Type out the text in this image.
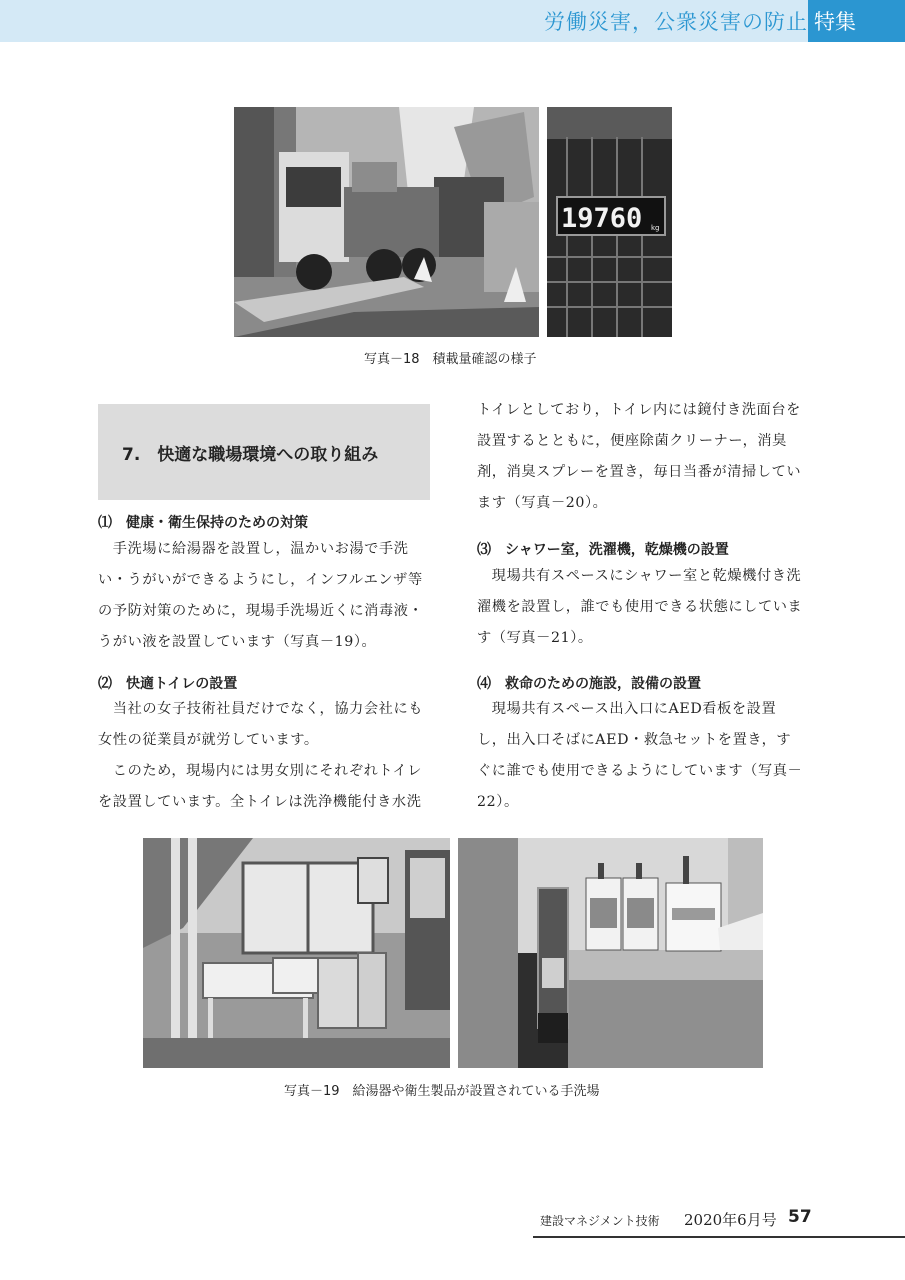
労働災害，公衆災害の防止 特集
19760 kg
写真－18　積載量確認の様子
7.　快適な職場環境への取り組み
⑴　健康・衛生保持のための対策
　手洗場に給湯器を設置し，温かいお湯で手洗
い・うがいができるようにし，インフルエンザ等
の予防対策のために，現場手洗場近くに消毒液・
うがい液を設置しています（写真－19）。
⑵　快適トイレの設置
　当社の女子技術社員だけでなく，協力会社にも
女性の従業員が就労しています。
　このため，現場内には男女別にそれぞれトイレ
を設置しています。全トイレは洗浄機能付き水洗
トイレとしており，トイレ内には鏡付き洗面台を
設置するとともに，便座除菌クリーナー，消臭
剤，消臭スプレーを置き，毎日当番が清掃してい
ます（写真－20）。
⑶　シャワー室，洗濯機，乾燥機の設置
　現場共有スペースにシャワー室と乾燥機付き洗
濯機を設置し，誰でも使用できる状態にしていま
す（写真－21）。
⑷　救命のための施設，設備の設置
　現場共有スペース出入口にAED看板を設置
し，出入口そばにAED・救急セットを置き，す
ぐに誰でも使用できるようにしています（写真－
22）。
写真－19　給湯器や衛生製品が設置されている手洗場
建設マネジメント技術 2020年6月号 57
